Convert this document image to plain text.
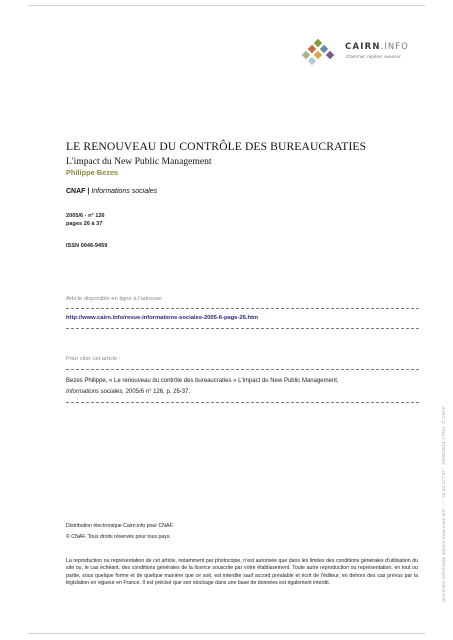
CAIRN.INFO
Chercher, repérer, avancer.
LE RENOUVEAU DU CONTRÔLE DES BUREAUCRATIES
L'impact du New Public Management
Philippe Bezes
CNAF | Informations sociales
2005/6 - n° 126
pages 26 à 37
ISSN 0046-9459
Article disponible en ligne à l'adresse:
http://www.cairn.info/revue-informations-sociales-2005-6-page-26.htm
Pour citer cet article :
Bezes Philippe, « Le renouveau du contrôle des bureaucraties » L'impact du New Public Management,
Informations sociales, 2005/6 n° 126, p. 26-37.
Distribution électronique Cairn.info pour CNAF.
© CNAF. Tous droits réservés pour tous pays.
La reproduction ou représentation de cet article, notamment par photocopie, n'est autorisée que dans les limites des conditions générales d'utilisation du site ou, le cas échéant, des conditions générales de la licence souscrite par votre établissement. Toute autre reproduction ou représentation, en tout ou partie, sous quelque forme et de quelque manière que ce soit, est interdite sauf accord préalable et écrit de l'éditeur, en dehors des cas prévus par la législation en vigueur en France. Il est précisé que son stockage dans une base de données est également interdit.	Document téléchargé depuis www.cairn.info - - - 93.20.177.37 - 19/08/2013 17h34. © CNAF
